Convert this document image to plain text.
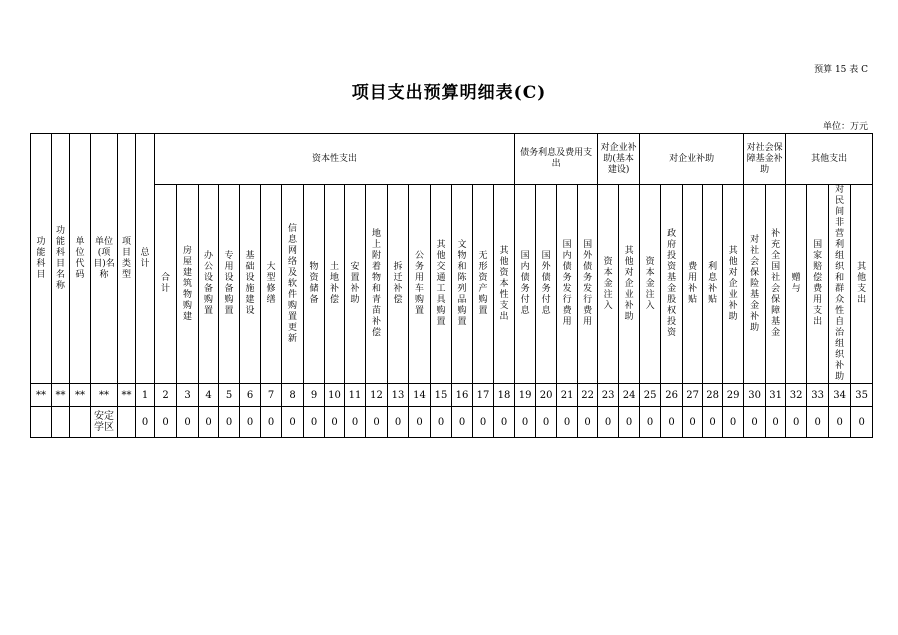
预算 15 表 C
项目支出预算明细表(C)
单位：万元
功能科目	功能科目名称	单位代码	单位(项目)名称	项目类型	总计	资本性支出																	债务利息及费用支出				对企业补助(基本建设)		对企业补助					对社会保障基金补助		其他支出			
						合计	房屋建筑物购建	办公设备购置	专用设备购置	基础设施建设	大型修缮	信息网络及软件购置更新	物资储备	土地补偿	安置补助	地上附着物和青苗补偿	拆迁补偿	公务用车购置	其他交通工具购置	文物和陈列品购置	无形资产购置	其他资本性支出	国内债务付息	国外债务付息	国内债务发行费用	国外债务发行费用	资本金注入	其他对企业补助	资本金注入	政府投资基金股权投资	费用补贴	利息补贴	其他对企业补助	对社会保险基金补助	补充全国社会保障基金	赠与	国家赔偿费用支出	对民间非营利组织和群众性自治组织补助	其他支出
**	**	**	**	**	1	2	3	4	5	6	7	8	9	10	11	12	13	14	15	16	17	18	19	20	21	22	23	24	25	26	27	28	29	30	31	32	33	34	35
			安定学区		0	0	0	0	0	0	0	0	0	0	0	0	0	0	0	0	0	0	0	0	0	0	0	0	0	0	0	0	0	0	0	0	0	0	0
